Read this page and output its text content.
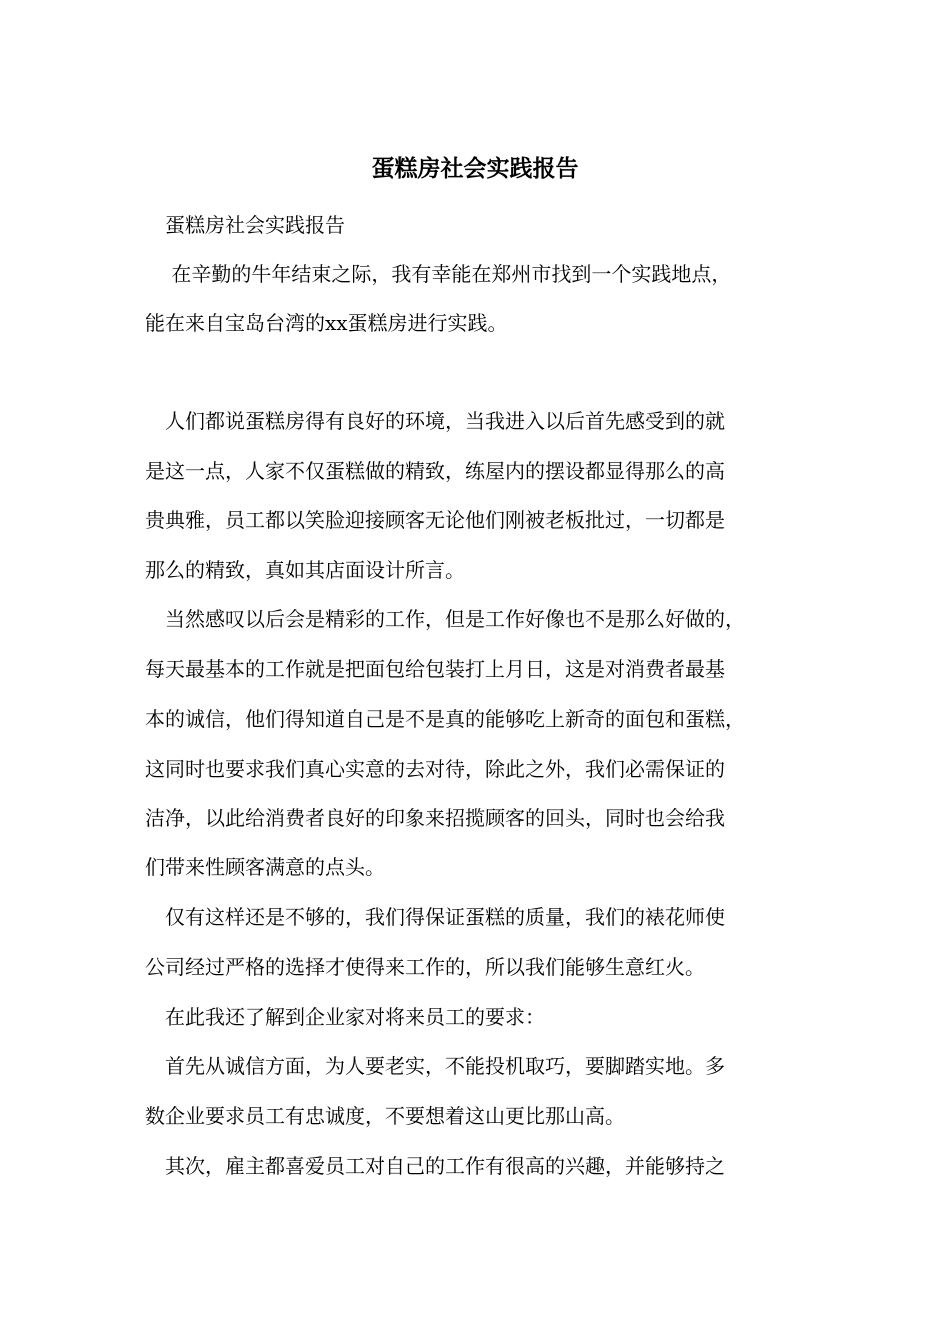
蛋糕房社会实践报告
　蛋糕房社会实践报告
　 在辛勤的牛年结束之际，我有幸能在郑州市找到一个实践地点，
能在来自宝岛台湾的xx蛋糕房进行实践。
　人们都说蛋糕房得有良好的环境，当我进入以后首先感受到的就
是这一点，人家不仅蛋糕做的精致，练屋内的摆设都显得那么的高
贵典雅，员工都以笑脸迎接顾客无论他们刚被老板批过，一切都是
那么的精致，真如其店面设计所言。
　当然感叹以后会是精彩的工作，但是工作好像也不是那么好做的，
每天最基本的工作就是把面包给包装打上月日，这是对消费者最基
本的诚信，他们得知道自己是不是真的能够吃上新奇的面包和蛋糕，
这同时也要求我们真心实意的去对待，除此之外，我们必需保证的
洁净，以此给消费者良好的印象来招揽顾客的回头，同时也会给我
们带来性顾客满意的点头。
　仅有这样还是不够的，我们得保证蛋糕的质量，我们的裱花师使
公司经过严格的选择才使得来工作的，所以我们能够生意红火。
　在此我还了解到企业家对将来员工的要求：
　首先从诚信方面，为人要老实，不能投机取巧，要脚踏实地。多
数企业要求员工有忠诚度，不要想着这山更比那山高。
　其次，雇主都喜爱员工对自己的工作有很高的兴趣，并能够持之
